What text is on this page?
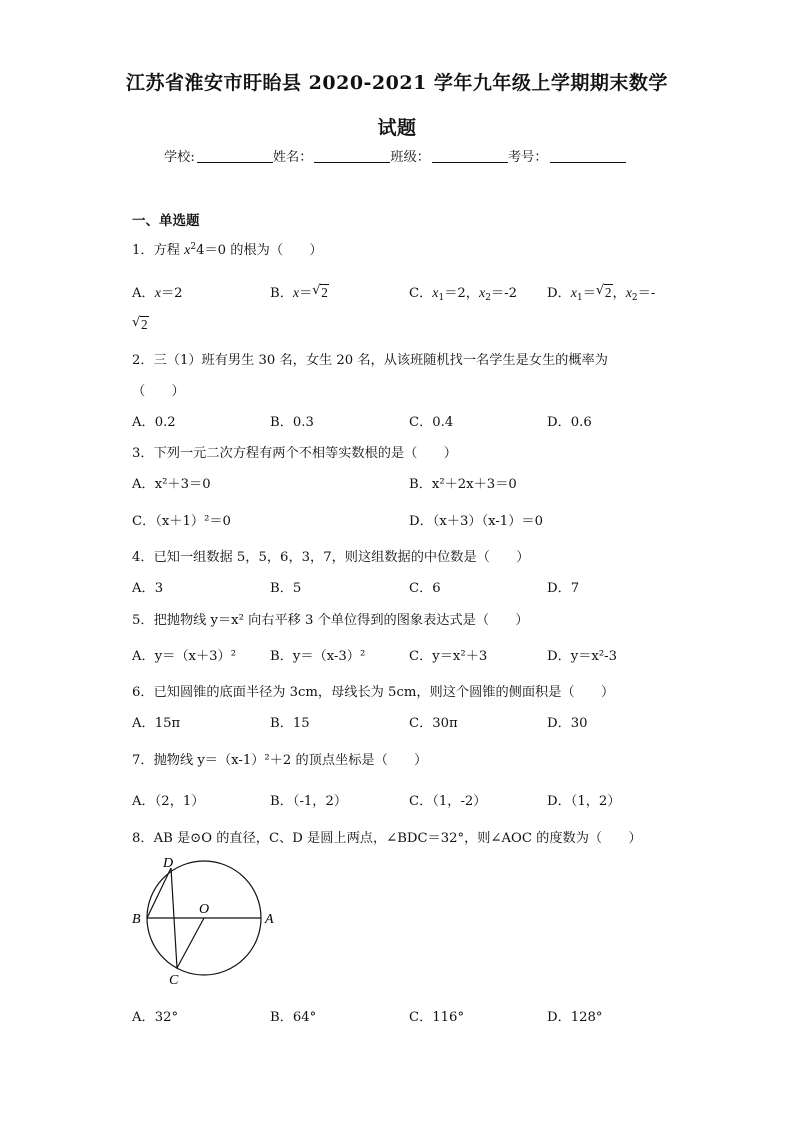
江苏省淮安市盱眙县 2020-2021 学年九年级上学期期末数学
试题
学校:	姓名：	班级：	考号：
一、单选题
1．方程 $x^24=0$ 的根为（　　）
A．x＝2	B．x＝ √ 2	C．$x_1=2$，$x_2=-2$ D．$x_1=$ √ 2，$x_2=-$
√ 2
2．三（1）班有男生 30 名，女生 20 名，从该班随机找一名学生是女生的概率为
（　　）
A．0.2	B．0.3	C．0.4	D．0.6
3．下列一元二次方程有两个不相等实数根的是（　　）
A．x²＋3＝0	B．x²＋2x＋3＝0
C．（x＋1）²＝0	D．（x＋3）（x-1）＝0
4．已知一组数据 5，5，6，3，7，则这组数据的中位数是（　　）
A．3	B．5	C．6	D．7
5．把抛物线 y＝x² 向右平移 3 个单位得到的图象表达式是（　　）
A．y＝（x＋3）²	B．y＝（x-3）²	C．y＝x²＋3	D．y＝x²-3
6．已知圆锥的底面半径为 3cm，母线长为 5cm，则这个圆锥的侧面积是（　　）
A．15π	B．15	C．30π	D．30
7．抛物线 y＝（x-1）²＋2 的顶点坐标是（　　）
A．（2，1）	B．（-1，2）	C．（1，-2）	D．（1，2）
8．AB 是⊙O 的直径，C、D 是圆上两点，∠BDC＝32°，则∠AOC 的度数为（　　）
D
B
O
A
C
A．32°	B．64°	C．116°	D．128°
